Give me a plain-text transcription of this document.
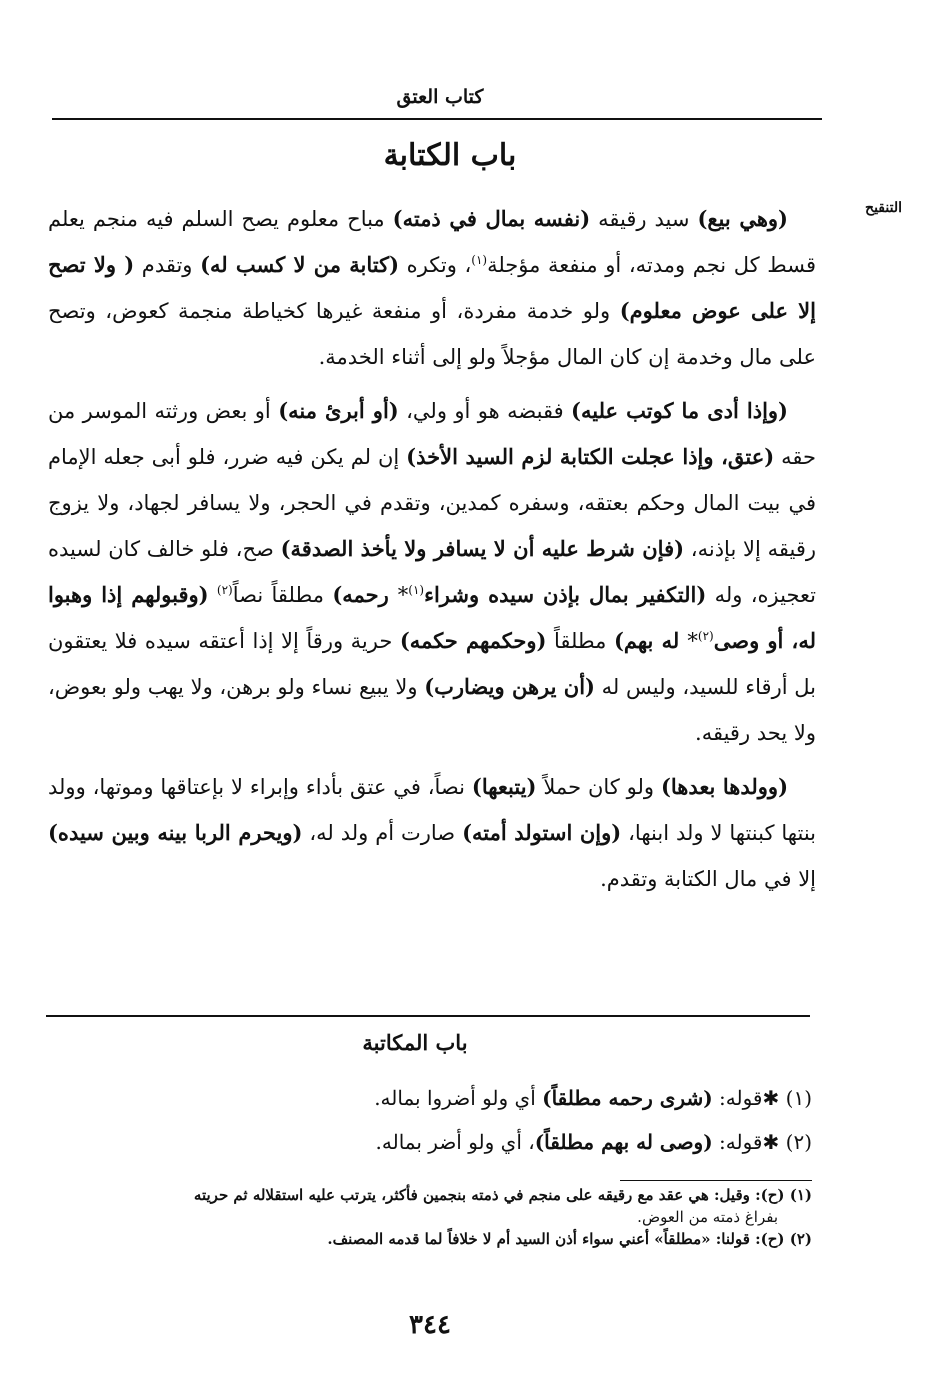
كتاب العتق
باب الكتابة
التنقيح

(وهي بيع) سيد رقيقه (نفسه بمال في ذمته) مباح معلوم يصح السلم فيه منجم يعلم قسط كل نجم ومدته، أو منفعة مؤجلة$^{(١)}$، وتكره (كتابة من لا كسب له) وتقدم ( ولا تصح إلا على عوض معلوم) ولو خدمة مفردة، أو منفعة غيرها كخياطة منجمة كعوض، وتصح على مال وخدمة إن كان المال مؤجلاً ولو إلى أثناء الخدمة.

(وإذا أدى ما كوتب عليه) فقبضه هو أو ولي، (أو أبرئ منه) أو بعض ورثته الموسر من حقه (عتق، وإذا عجلت الكتابة لزم السيد الأخذ) إن لم يكن فيه ضرر، فلو أبى جعله الإمام في بيت المال وحكم بعتقه، وسفره كمدين، وتقدم في الحجر، ولا يسافر لجهاد، ولا يزوج رقيقه إلا بإذنه، (فإن شرط عليه أن لا يسافر ولا يأخذ الصدقة) صح، فلو خالف كان لسيده تعجيزه، وله (التكفير بمال بإذن سيده وشراء$^{(١)}$* رحمه) مطلقاً نصاً$^{(٢)}$ (وقبولهم إذا وهبوا له، أو وصى$^{(٢)}$* له بهم) مطلقاً (وحكمهم حكمه) حرية ورقاً إلا إذا أعتقه سيده فلا يعتقون بل أرقاء للسيد، وليس له (أن يرهن ويضارب) ولا يبيع نساء ولو برهن، ولا يهب ولو بعوض، ولا يحد رقيقه.

(وولدها بعدها) ولو كان حملاً (يتبعها) نصاً، في عتق بأداء وإبراء لا بإعتاقها وموتها، وولد بنتها كبنتها لا ولد ابنها، (وإن استولد أمته) صارت أم ولد له، (ويحرم الربا بينه وبين سيده) إلا في مال الكتابة وتقدم.

باب المكاتبة
(١) ✱قوله: (شرى رحمه مطلقاً) أي ولو أضروا بماله.
(٢) ✱قوله: (وصى له بهم مطلقاً)، أي ولو أضر بماله.
(١) (ح): وقيل: هي عقد مع رقيقه على منجم في ذمته بنجمين فأكثر، يترتب عليه استقلاله ثم حريته
بفراغ ذمته من العوض.
(٢) (ح): قولنا: «مطلقاً» أعني سواء أذن السيد أم لا خلافاً لما قدمه المصنف.
٣٤٤
